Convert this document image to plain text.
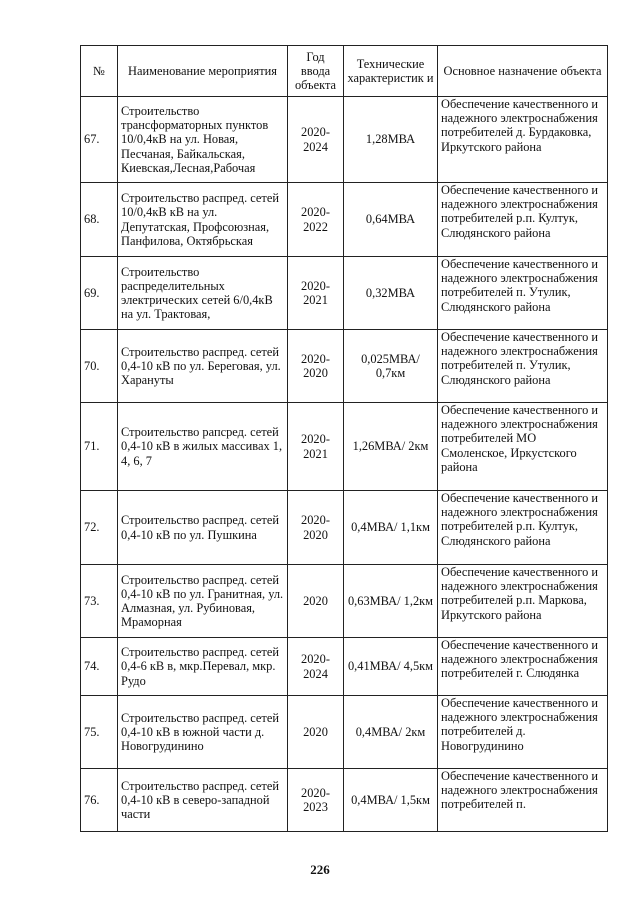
№	Наименование мероприятия	Год ввода объекта	Технические характеристик и	Основное назначение объекта
67.	Строительство трансформаторных пунктов 10/0,4кВ на ул. Новая, Песчаная, Байкальская, Киевская,Лесная,Рабочая	2020-2024	1,28МВА	Обеспечение качественного и надежного электроснабжения потребителей д. Бурдаковка, Иркутского района
68.	Строительство распред. сетей 10/0,4кВ кВ на ул. Депутатская, Профсоюзная, Панфилова, Октябрьская	2020-2022	0,64МВА	Обеспечение качественного и надежного электроснабжения потребителей р.п. Култук, Слюдянского района
69.	Строительство распределительных электрических сетей 6/0,4кВ на ул. Трактовая,	2020-2021	0,32МВА	Обеспечение качественного и надежного электроснабжения потребителей п. Утулик, Слюдянского района
70.	Строительство распред. сетей 0,4-10 кВ по ул. Береговая, ул. Харануты	2020-2020	0,025МВА/ 0,7км	Обеспечение качественного и надежного электроснабжения потребителей п. Утулик, Слюдянского района
71.	Строительство рапсред. сетей 0,4-10 кВ в жилых массивах 1, 4, 6, 7	2020-2021	1,26МВА/ 2км	Обеспечение качественного и надежного электроснабжения потребителей МО Смоленское, Иркустского района
72.	Строительство распред. сетей 0,4-10 кВ по ул. Пушкина	2020-2020	0,4МВА/ 1,1км	Обеспечение качественного и надежного электроснабжения потребителей р.п. Култук, Слюдянского района
73.	Строительство распред. сетей 0,4-10 кВ по ул. Гранитная, ул. Алмазная, ул. Рубиновая, Мраморная	2020	0,63МВА/ 1,2км	Обеспечение качественного и надежного электроснабжения потребителей р.п. Маркова, Иркутского района
74.	Строительство распред. сетей 0,4-6 кВ в, мкр.Перевал, мкр. Рудо	2020-2024	0,41МВА/ 4,5км	Обеспечение качественного и надежного электроснабжения потребителей г. Слюдянка
75.	Строительство распред. сетей 0,4-10 кВ в южной части д. Новогрудинино	2020	0,4МВА/ 2км	Обеспечение качественного и надежного электроснабжения потребителей д. Новогрудинино
76.	Строительство распред. сетей 0,4-10 кВ в северо-западной части	2020-2023	0,4МВА/ 1,5км	Обеспечение качественного и надежного электроснабжения потребителей п.
226
